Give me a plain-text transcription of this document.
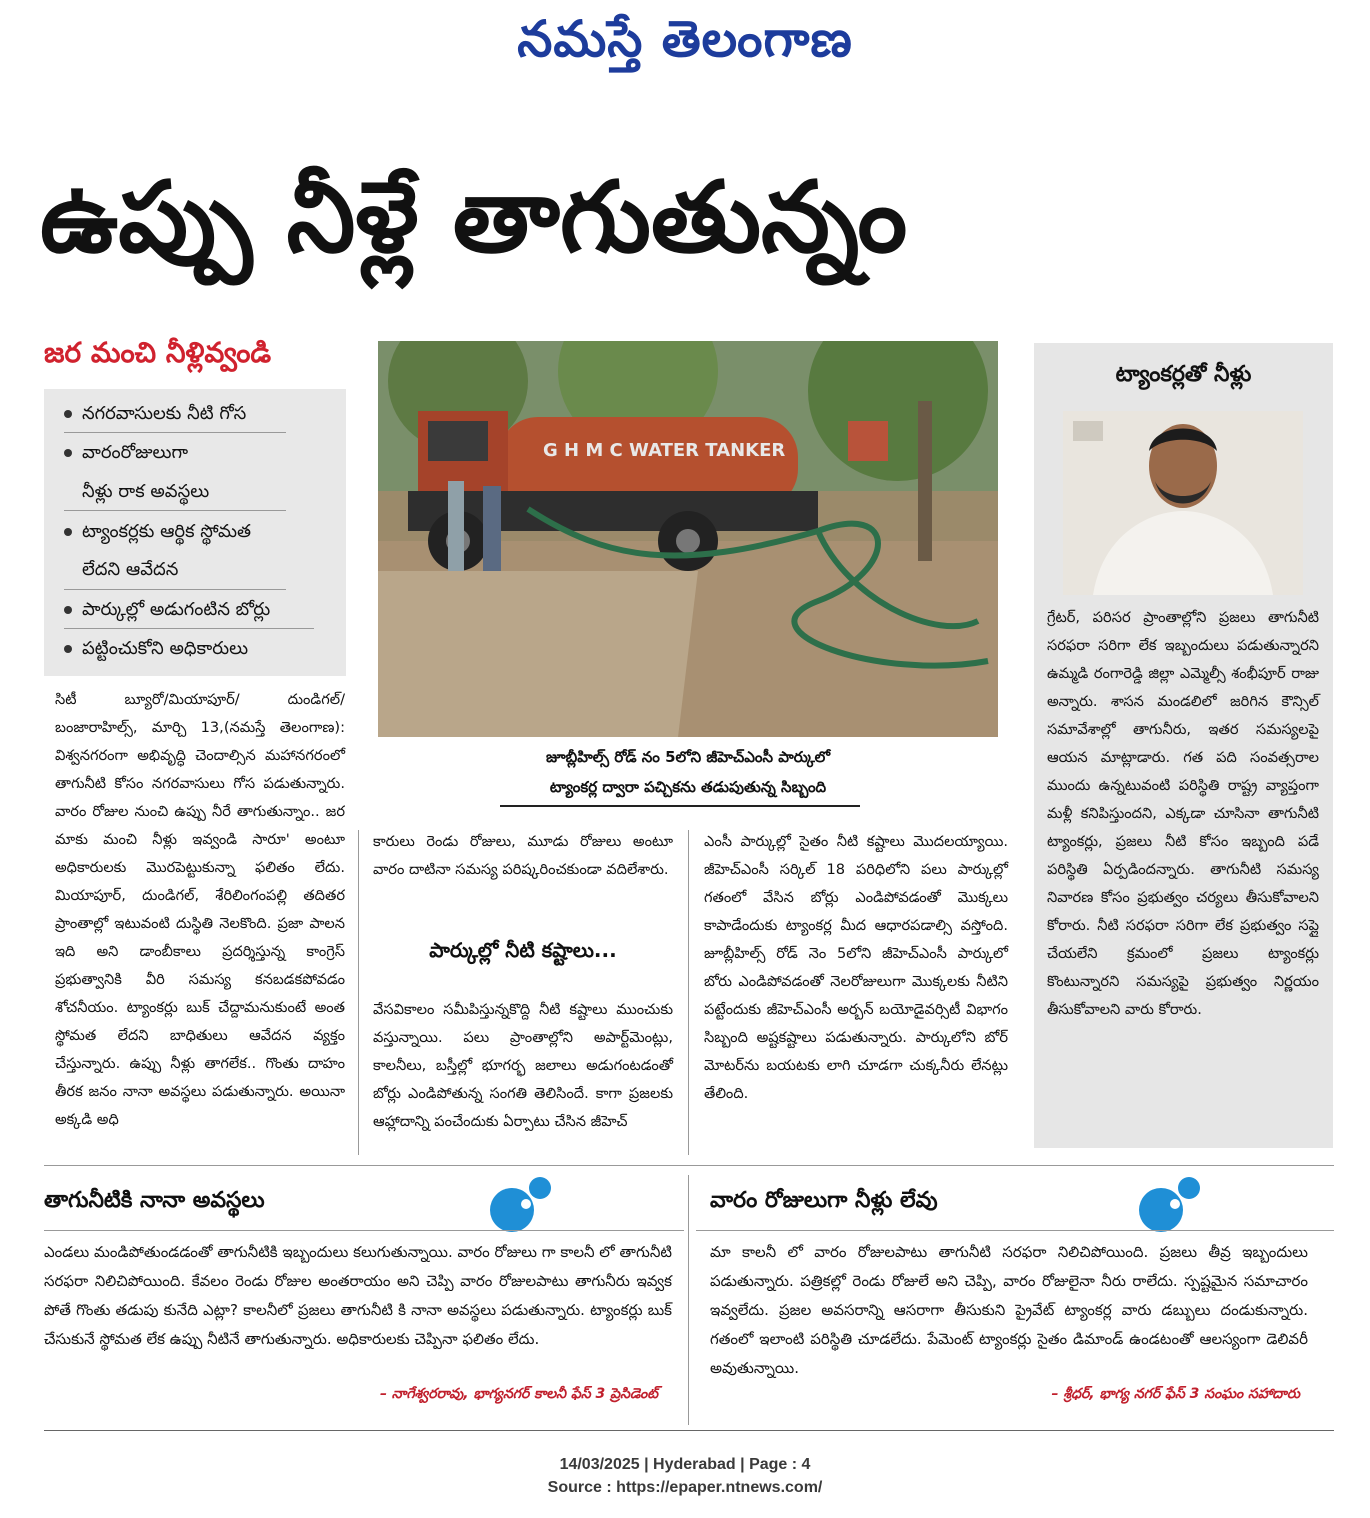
నమస్తే తెలంగాణ
ఉప్పు నీళ్లే తాగుతున్నం
జర మంచి నీళ్లివ్వండి
నగరవాసులకు నీటి గోస
వారంరోజులుగా
నీళ్లు రాక అవస్థలు
ట్యాంకర్లకు ఆర్థిక స్థోమత
లేదని ఆవేదన
పార్కుల్లో అడుగంటిన బోర్లు
పట్టించుకోని అధికారులు
G H M C WATER TANKER
జూబ్లీహిల్స్ రోడ్ నం 5లోని జీహెచ్ఎంసీ పార్కులో
ట్యాంకర్ల ద్వారా పచ్చికను తడుపుతున్న సిబ్బంది
ట్యాంకర్లతో నీళ్లు
గ్రేటర్, పరిసర ప్రాంతాల్లోని ప్రజలు తాగునీటి సరఫరా సరిగా లేక ఇబ్బందులు పడుతున్నారని ఉమ్మడి రంగారెడ్డి జిల్లా ఎమ్మెల్సీ శంభీపూర్ రాజు అన్నారు. శాసన మండలిలో జరిగిన కౌన్సిల్ సమావేశాల్లో తాగునీరు, ఇతర సమస్యలపై ఆయన మాట్లాడారు. గత పది సంవత్సరాల ముందు ఉన్నటువంటి పరిస్థితి రాష్ట్ర వ్యాప్తంగా మళ్లీ కనిపిస్తుందని, ఎక్కడా చూసినా తాగునీటి ట్యాంకర్లు, ప్రజలు నీటి కోసం ఇబ్బంది పడే పరిస్థితి ఏర్పడిందన్నారు. తాగునీటి సమస్య నివారణ కోసం ప్రభుత్వం చర్యలు తీసుకోవాలని కోరారు. నీటి సరఫరా సరిగా లేక ప్రభుత్వం సప్లై చేయలేని క్రమంలో ప్రజలు ట్యాంకర్లు కొంటున్నారని సమస్యపై ప్రభుత్వం నిర్ణయం తీసుకోవాలని వారు కోరారు.
సిటీ బ్యూరో/మియాపూర్/ దుండిగల్/ బంజారాహిల్స్, మార్చి 13,(నమస్తే తెలంగాణ): విశ్వనగరంగా అభివృద్ధి చెందాల్సిన మహానగరంలో తాగునీటి కోసం నగరవాసులు గోస పడుతున్నారు. వారం రోజుల నుంచి ఉప్పు నీరే తాగుతున్నాం.. జర మాకు మంచి నీళ్లు ఇవ్వండి సారూ' అంటూ అధికారులకు మొరపెట్టుకున్నా ఫలితం లేదు. మియాపూర్, దుండిగల్, శేరిలింగంపల్లి తదితర ప్రాంతాల్లో ఇటువంటి దుస్థితి నెలకొంది. ప్రజా పాలన ఇది అని డాంబీకాలు ప్రదర్శిస్తున్న కాంగ్రెస్ ప్రభుత్వానికి వీరి సమస్య కనబడకపోవడం శోచనీయం. ట్యాంకర్లు బుక్ చేద్దామనుకుంటే అంత స్థోమత లేదని బాధితులు ఆవేదన వ్యక్తం చేస్తున్నారు. ఉప్పు నీళ్లు తాగలేక.. గొంతు దాహం తీరక జనం నానా అవస్థలు పడుతున్నారు. అయినా అక్కడి అధి
కారులు రెండు రోజులు, మూడు రోజులు అంటూ వారం దాటినా సమస్య పరిష్కరించకుండా వదిలేశారు.
పార్కుల్లో నీటి కష్టాలు...
వేసవికాలం సమీపిస్తున్నకొద్ది నీటి కష్టాలు ముంచుకు వస్తున్నాయి. పలు ప్రాంతాల్లోని అపార్ట్‌మెంట్లు, కాలనీలు, బస్తీల్లో భూగర్భ జలాలు అడుగంటడంతో బోర్లు ఎండిపోతున్న సంగతి తెలిసిందే. కాగా ప్రజలకు ఆహ్లాదాన్ని పంచేందుకు ఏర్పాటు చేసిన జీహెచ్
ఎంసీ పార్కుల్లో సైతం నీటి కష్టాలు మొదలయ్యాయి. జీహెచ్ఎంసీ సర్కిల్ 18 పరిధిలోని పలు పార్కుల్లో గతంలో వేసిన బోర్లు ఎండిపోవడంతో మొక్కలు కాపాడేందుకు ట్యాంకర్ల మీద ఆధారపడాల్సి వస్తోంది. జూబ్లీహిల్స్ రోడ్ నెం 5లోని జీహెచ్ఎంసీ పార్కులో బోరు ఎండిపోవడంతో నెలరోజులుగా మొక్కలకు నీటిని పట్టేందుకు జీహెచ్ఎంసీ అర్బన్ బయోడైవర్సిటీ విభాగం సిబ్బంది అష్టకష్టాలు పడుతున్నారు. పార్కులోని బోర్ మోటర్‌ను బయటకు లాగి చూడగా చుక్కనీరు లేనట్లు తేలింది.
తాగునీటికి నానా అవస్థలు
ఎండలు మండిపోతుండడంతో తాగునీటికి ఇబ్బందులు కలుగుతున్నాయి. వారం రోజులు గా కాలనీ లో తాగునీటి సరఫరా నిలిచిపోయింది. కేవలం రెండు రోజుల అంతరాయం అని చెప్పి వారం రోజులపాటు తాగునీరు ఇవ్వక పోతే గొంతు తడుపు కునేది ఎట్లా? కాలనీలో ప్రజలు తాగునీటి కి నానా అవస్థలు పడుతున్నారు. ట్యాంకర్లు బుక్ చేసుకునే స్థోమత లేక ఉప్పు నీటినే తాగుతున్నారు. అధికారులకు చెప్పినా ఫలితం లేదు.
– నాగేశ్వరరావు, భాగ్యనగర్ కాలనీ ఫేస్ 3 ప్రెసిడెంట్
వారం రోజులుగా నీళ్లు లేవు
మా కాలనీ లో వారం రోజులపాటు తాగునీటి సరఫరా నిలిచిపోయింది. ప్రజలు తీవ్ర ఇబ్బందులు పడుతున్నారు. పత్రికల్లో రెండు రోజులే అని చెప్పి, వారం రోజులైనా నీరు రాలేదు. స్పష్టమైన సమాచారం ఇవ్వలేదు. ప్రజల అవసరాన్ని ఆసరాగా తీసుకుని ప్రైవేట్ ట్యాంకర్ల వారు డబ్బులు దండుకున్నారు. గతంలో ఇలాంటి పరిస్థితి చూడలేదు. పేమెంట్ ట్యాంకర్లు సైతం డిమాండ్ ఉండటంతో ఆలస్యంగా డెలివరీ అవుతున్నాయి.
– శ్రీధర్, భాగ్య నగర్ ఫేస్ 3 సంఘం సహాదారు
14/03/2025 | Hyderabad | Page : 4
Source : https://epaper.ntnews.com/
